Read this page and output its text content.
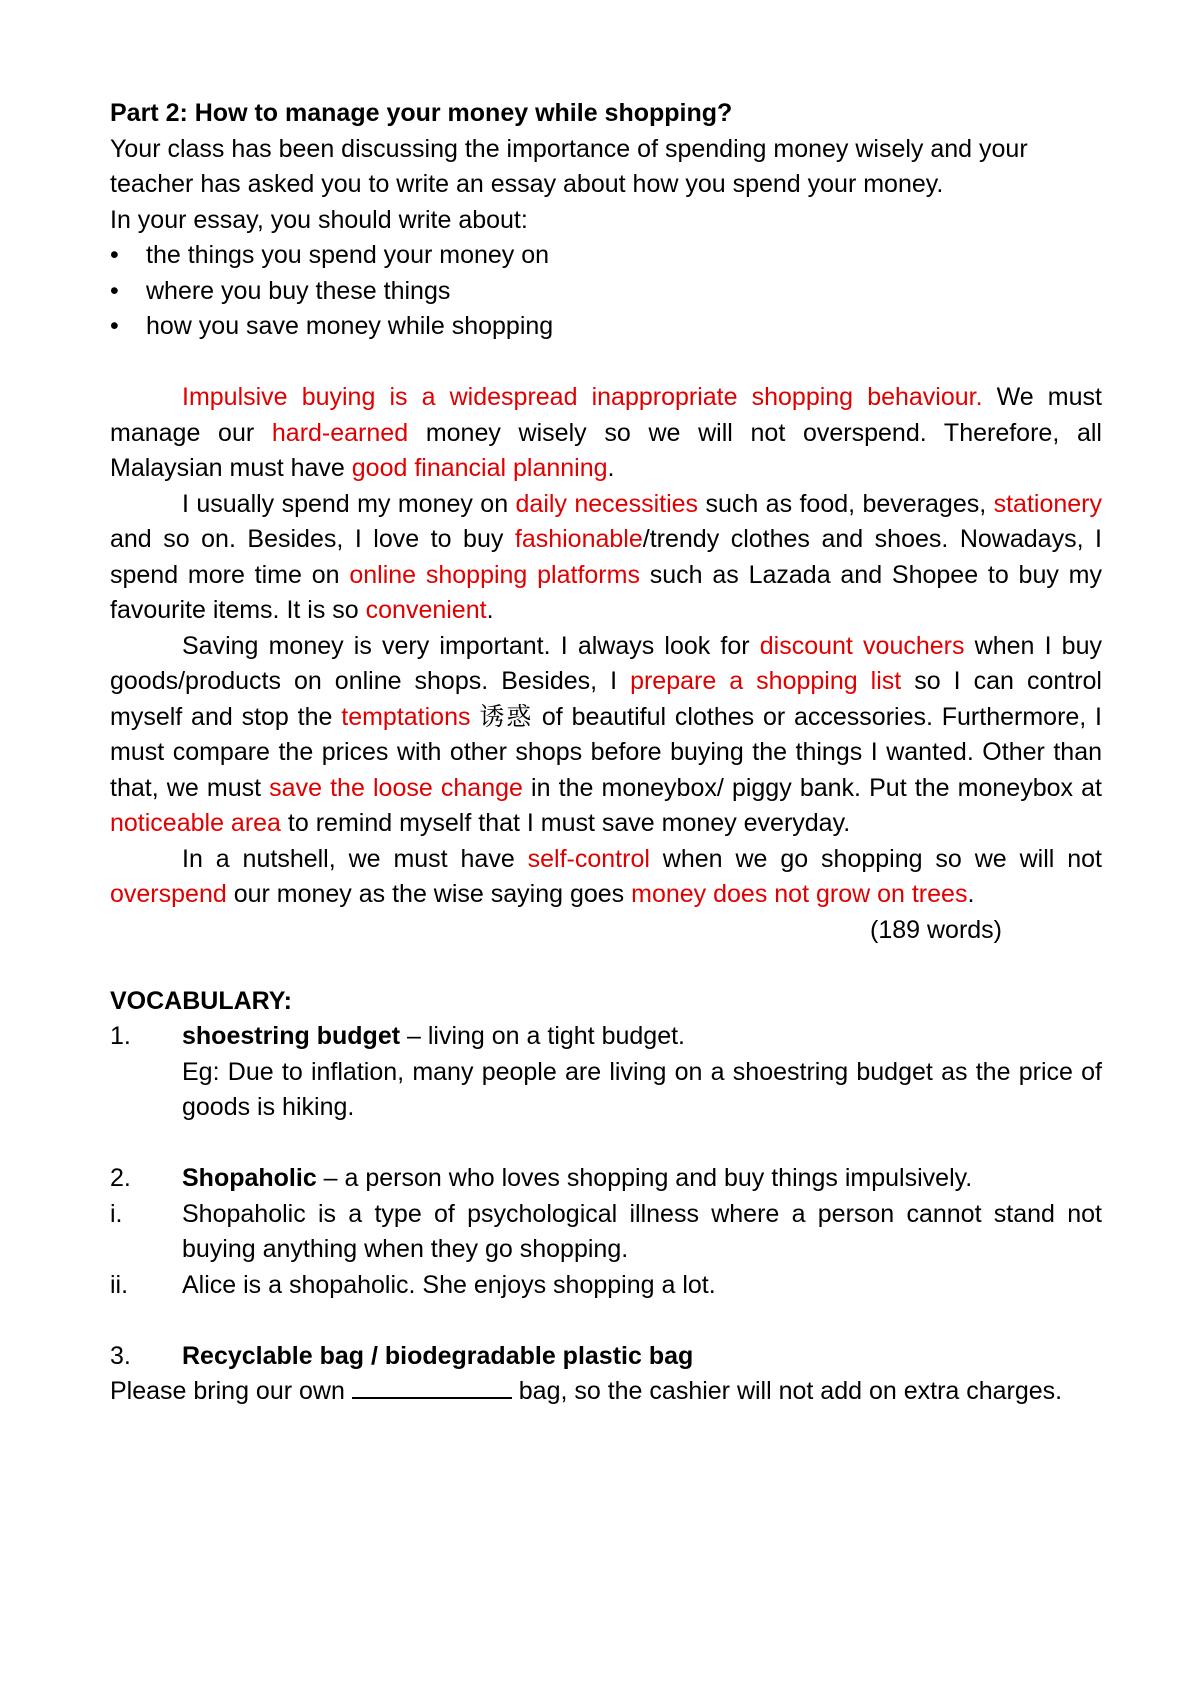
Part 2: How to manage your money while shopping?

Your class has been discussing the importance of spending money wisely and your teacher has asked you to write an essay about how you spend your money.

In your essay, you should write about:

• the things you spend your money on
• where you buy these things
• how you save money while shopping

Impulsive buying is a widespread inappropriate shopping behaviour. We must manage our hard-earned money wisely so we will not overspend. Therefore, all Malaysian must have good financial planning.

I usually spend my money on daily necessities such as food, beverages, stationery and so on. Besides, I love to buy fashionable/trendy clothes and shoes. Nowadays, I spend more time on online shopping platforms such as Lazada and Shopee to buy my favourite items. It is so convenient.

Saving money is very important. I always look for discount vouchers when I buy goods/products on online shops. Besides, I prepare a shopping list so I can control myself and stop the temptations 诱惑 of beautiful clothes or accessories. Furthermore, I must compare the prices with other shops before buying the things I wanted. Other than that, we must save the loose change in the moneybox/ piggy bank. Put the moneybox at noticeable area to remind myself that I must save money everyday.

In a nutshell, we must have self-control when we go shopping so we will not overspend our money as the wise saying goes money does not grow on trees.

(189 words)

VOCABULARY:

1.	shoestring budget – living on a tight budget.
Eg: Due to inflation, many people are living on a shoestring budget as the price of goods is hiking.
2.	Shopaholic – a person who loves shopping and buy things impulsively.
i.	Shopaholic is a type of psychological illness where a person cannot stand not buying anything when they go shopping.
ii.	Alice is a shopaholic. She enjoys shopping a lot.
3.	Recyclable bag / biodegradable plastic bag

Please bring our own	bag, so the cashier will not add on extra charges.
